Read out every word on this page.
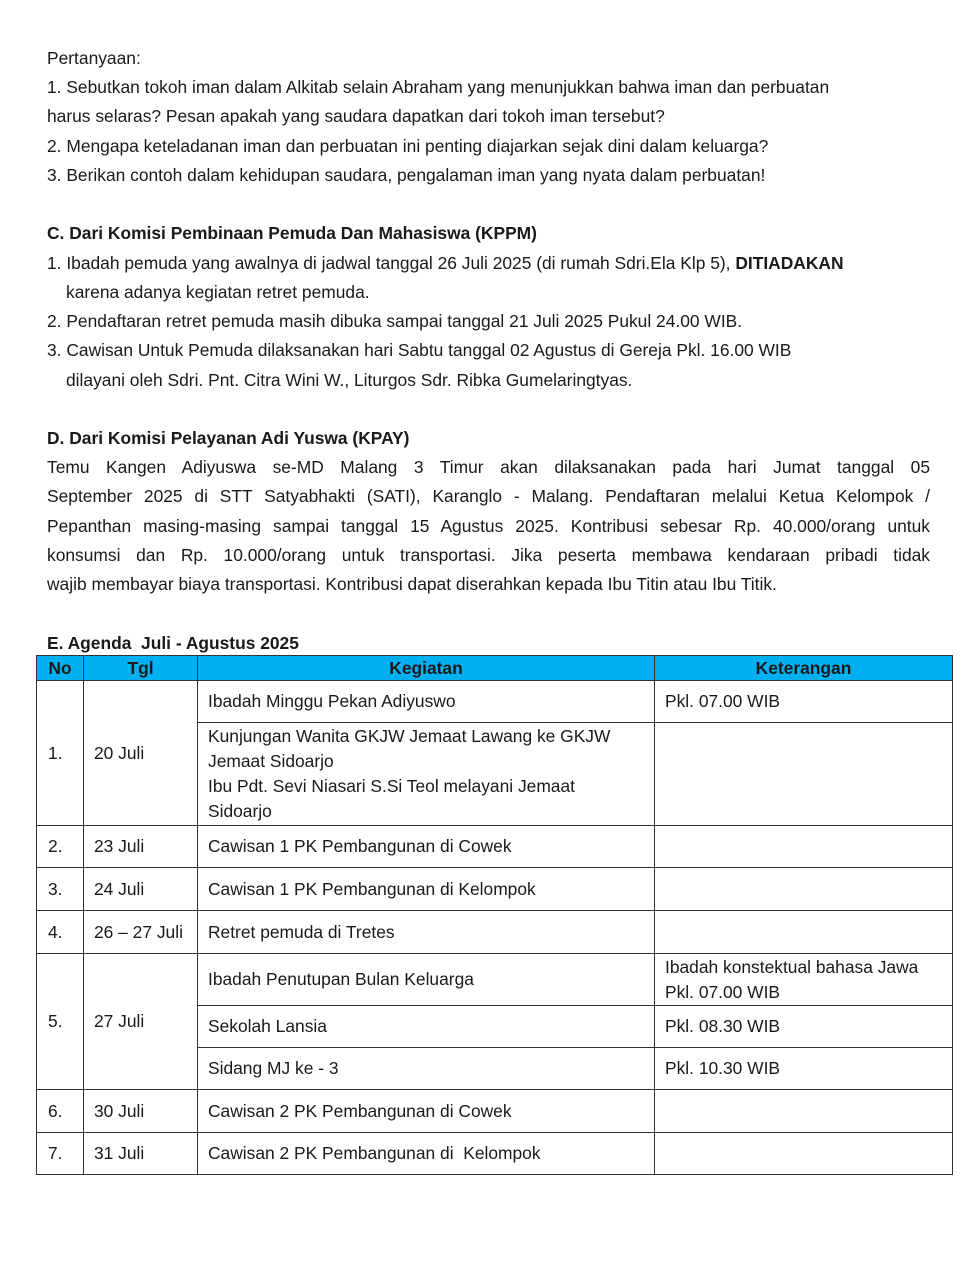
Pertanyaan:
1. Sebutkan tokoh iman dalam Alkitab selain Abraham yang menunjukkan bahwa iman dan perbuatan
harus selaras? Pesan apakah yang saudara dapatkan dari tokoh iman tersebut?
2. Mengapa keteladanan iman dan perbuatan ini penting diajarkan sejak dini dalam keluarga?
3. Berikan contoh dalam kehidupan saudara, pengalaman iman yang nyata dalam perbuatan!
C. Dari Komisi Pembinaan Pemuda Dan Mahasiswa (KPPM)
1. Ibadah pemuda yang awalnya di jadwal tanggal 26 Juli 2025 (di rumah Sdri.Ela Klp 5), DITIADAKAN
karena adanya kegiatan retret pemuda.
2. Pendaftaran retret pemuda masih dibuka sampai tanggal 21 Juli 2025 Pukul 24.00 WIB.
3. Cawisan Untuk Pemuda dilaksanakan hari Sabtu tanggal 02 Agustus di Gereja Pkl. 16.00 WIB
dilayani oleh Sdri. Pnt. Citra Wini W., Liturgos Sdr. Ribka Gumelaringtyas.
D. Dari Komisi Pelayanan Adi Yuswa (KPAY)
Temu Kangen Adiyuswa se-MD Malang 3 Timur akan dilaksanakan pada hari Jumat tanggal 05
September 2025 di STT Satyabhakti (SATI), Karanglo - Malang. Pendaftaran melalui Ketua Kelompok /
Pepanthan masing-masing sampai tanggal 15 Agustus 2025. Kontribusi sebesar Rp. 40.000/orang untuk
konsumsi dan Rp. 10.000/orang untuk transportasi. Jika peserta membawa kendaraan pribadi tidak
wajib membayar biaya transportasi. Kontribusi dapat diserahkan kepada Ibu Titin atau Ibu Titik.
E. Agenda  Juli - Agustus 2025
No	Tgl	Kegiatan	Keterangan
1.	20 Juli	Ibadah Minggu Pekan Adiyuswo	Pkl. 07.00 WIB

		Kunjungan Wanita GKJW Jemaat Lawang ke GKJW
Jemaat Sidoarjo
Ibu Pdt. Sevi Niasari S.Si Teol melayani Jemaat
Sidoarjo	

2.	23 Juli	Cawisan 1 PK Pembangunan di Cowek	
3.	24 Juli	Cawisan 1 PK Pembangunan di Kelompok	
4.	26 – 27 Juli	Retret pemuda di Tretes	
5.	27 Juli	Ibadah Penutupan Bulan Keluarga	Ibadah konstektual bahasa Jawa
Pkl. 07.00 WIB

		Sekolah Lansia	Pkl. 08.30 WIB
		Sidang MJ ke - 3	Pkl. 10.30 WIB
6.	30 Juli	Cawisan 2 PK Pembangunan di Cowek	
7.	31 Juli	Cawisan 2 PK Pembangunan di  Kelompok	
